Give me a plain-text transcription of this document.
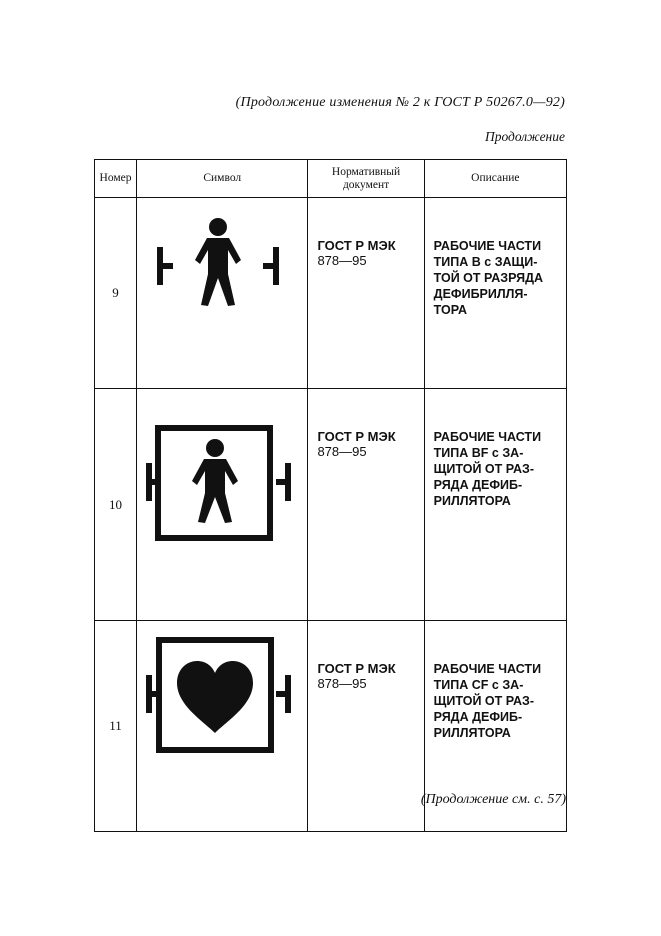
(Продолжение изменения № 2 к ГОСТ Р 50267.0—92)
Продолжение
Номер	Символ	Нормативный документ	Описание
9		ГОСТ Р МЭК
878—95	РАБОЧИЕ ЧАСТИ
ТИПА B с ЗАЩИ-
ТОЙ ОТ РАЗРЯДА
ДЕФИБРИЛЛЯ-
ТОРА

10		ГОСТ Р МЭК
878—95	РАБОЧИЕ ЧАСТИ
ТИПА BF с ЗА-
ЩИТОЙ ОТ РАЗ-
РЯДА ДЕФИБ-
РИЛЛЯТОРА

11		ГОСТ Р МЭК
878—95	РАБОЧИЕ ЧАСТИ
ТИПА CF с ЗА-
ЩИТОЙ ОТ РАЗ-
РЯДА ДЕФИБ-
РИЛЛЯТОРА
(Продолжение см. с. 57)
